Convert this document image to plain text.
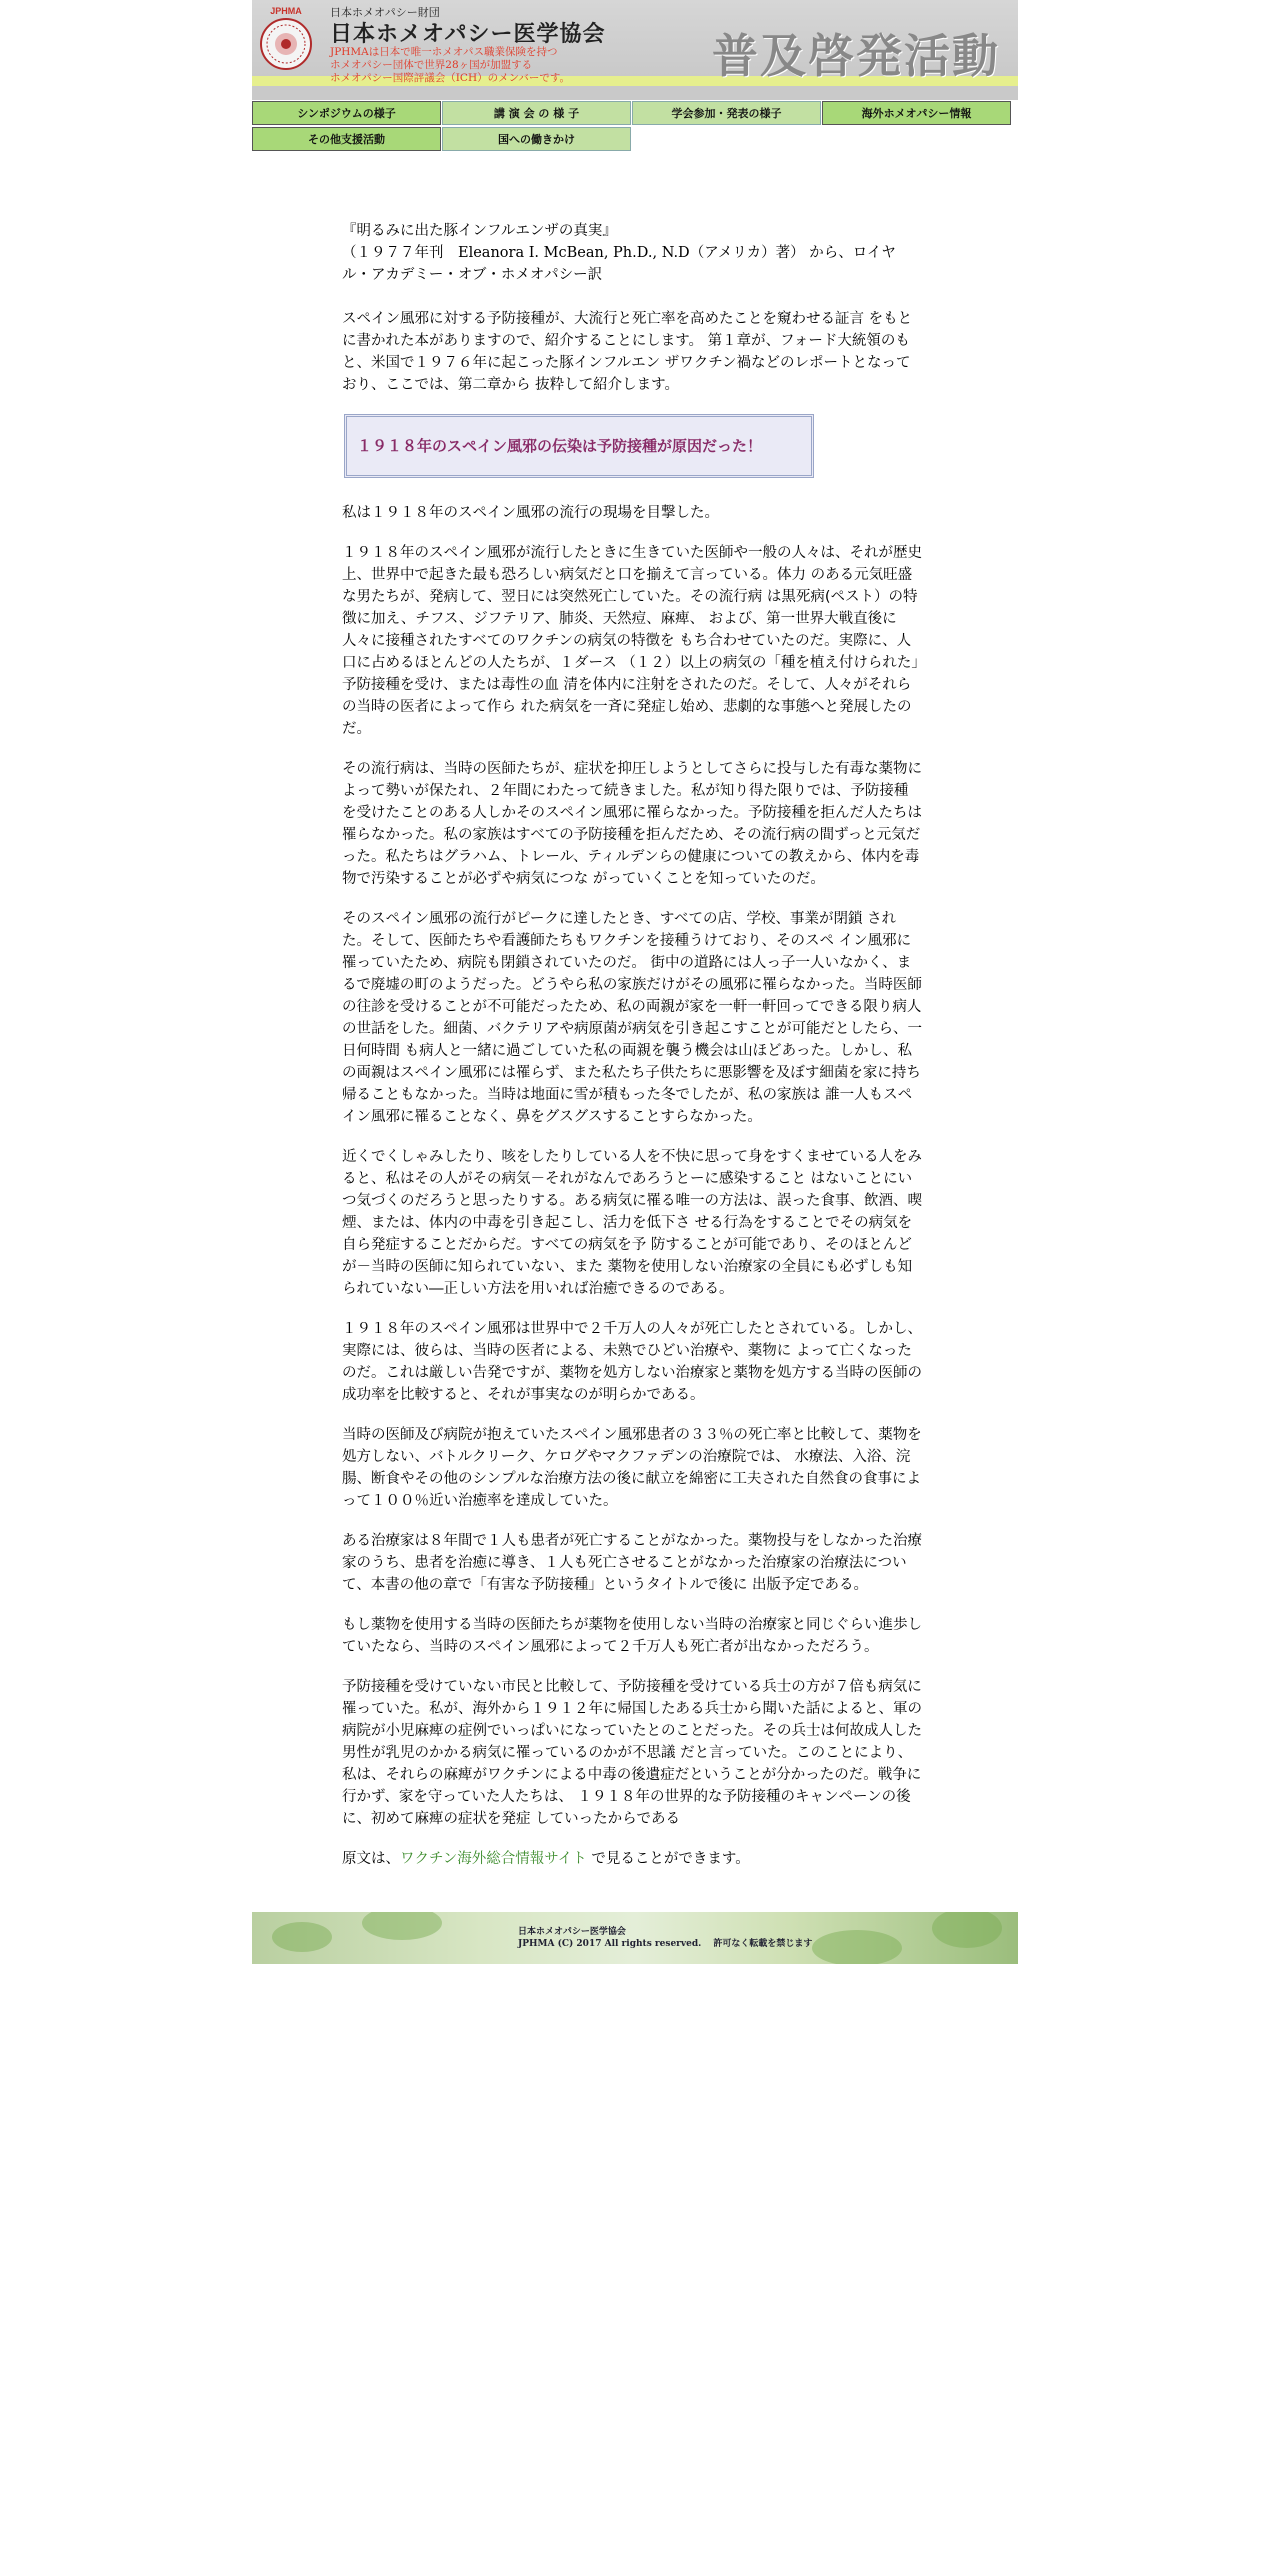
JPHMA	日本ホメオパシー財団
日本ホメオパシー医学協会
JPHMAは日本で唯一ホメオパス職業保険を持つ
ホメオパシー団体で世界28ヶ国が加盟する
ホメオパシー国際評議会（ICH）のメンバーです。	普及啓発活動
シンポジウムの様子	講 演 会 の 様 子	学会参加・発表の様子	海外ホメオパシー情報
その他支援活動	国への働きかけ
『明るみに出た豚インフルエンザの真実』
（１９７７年刊　Eleanora I. McBean, Ph.D., N.D（アメリカ）著） から、ロイヤル・アカデミー・オブ・ホメオパシー訳

スペイン風邪に対する予防接種が、大流行と死亡率を高めたことを窺わせる証言 をもとに書かれた本がありますので、紹介することにします。 第１章が、フォード大統領のもと、米国で１９７６年に起こった豚インフルエン ザワクチン禍などのレポートとなっており、ここでは、第二章から 抜粋して紹介します。

１９１８年のスペイン風邪の伝染は予防接種が原因だった！

私は１９１８年のスペイン風邪の流行の現場を目撃した。

１９１８年のスペイン風邪が流行したときに生きていた医師や一般の人々は、それが歴史上、世界中で起きた最も恐ろしい病気だと口を揃えて言っている。体力 のある元気旺盛な男たちが、発病して、翌日には突然死亡していた。その流行病 は黒死病(ペスト）の特徴に加え、チフス、ジフテリア、肺炎、天然痘、麻痺、 および、第一世界大戦直後に人々に接種されたすべてのワクチンの病気の特徴を もち合わせていたのだ。実際に、人口に占めるほとんどの人たちが、１ダース （１２）以上の病気の「種を植え付けられた」予防接種を受け、または毒性の血 清を体内に注射をされたのだ。そして、人々がそれらの当時の医者によって作ら れた病気を一斉に発症し始め、悲劇的な事態へと発展したのだ。

その流行病は、当時の医師たちが、症状を抑圧しようとしてさらに投与した有毒な薬物によって勢いが保たれ、２年間にわたって続きました。私が知り得た限りでは、予防接種を受けたことのある人しかそのスペイン風邪に罹らなかった。予防接種を拒んだ人たちは罹らなかった。私の家族はすべての予防接種を拒んだため、その流行病の間ずっと元気だった。私たちはグラハム、トレール、ティルデンらの健康についての教えから、体内を毒物で汚染することが必ずや病気につな がっていくことを知っていたのだ。

そのスペイン風邪の流行がピークに達したとき、すべての店、学校、事業が閉鎖 された。そして、医師たちや看護師たちもワクチンを接種うけており、そのスペ イン風邪に罹っていたため、病院も閉鎖されていたのだ。 街中の道路には人っ子一人いなかく、まるで廃墟の町のようだった。どうやら私の家族だけがその風邪に罹らなかった。当時医師の往診を受けることが不可能だったため、私の両親が家を一軒一軒回ってできる限り病人の世話をした。細菌、バクテリアや病原菌が病気を引き起こすことが可能だとしたら、一日何時間 も病人と一緒に過ごしていた私の両親を襲う機会は山ほどあった。しかし、私の両親はスペイン風邪には罹らず、また私たち子供たちに悪影響を及ぼす細菌を家に持ち帰ることもなかった。当時は地面に雪が積もった冬でしたが、私の家族は 誰一人もスペイン風邪に罹ることなく、鼻をグスグスすることすらなかった。

近くでくしゃみしたり、咳をしたりしている人を不快に思って身をすくませている人をみると、私はその人がその病気－それがなんであろうとーに感染すること はないことにいつ気づくのだろうと思ったりする。ある病気に罹る唯一の方法は、誤った食事、飲酒、喫煙、または、体内の中毒を引き起こし、活力を低下さ せる行為をすることでその病気を自ら発症することだからだ。すべての病気を予 防することが可能であり、そのほとんどが－当時の医師に知られていない、また 薬物を使用しない治療家の全員にも必ずしも知られていない―正しい方法を用いれば治癒できるのである。

１９１８年のスペイン風邪は世界中で２千万人の人々が死亡したとされている。しかし、実際には、彼らは、当時の医者による、未熟でひどい治療や、薬物に よって亡くなったのだ。これは厳しい告発ですが、薬物を処方しない治療家と薬物を処方する当時の医師の成功率を比較すると、それが事実なのが明らかである。

当時の医師及び病院が抱えていたスペイン風邪患者の３３％の死亡率と比較して、薬物を処方しない、バトルクリーク、ケログやマクファデンの治療院では、 水療法、入浴、浣腸、断食やその他のシンプルな治療方法の後に献立を綿密に工夫された自然食の食事によって１００％近い治癒率を達成していた。

ある治療家は８年間で１人も患者が死亡することがなかった。薬物投与をしなかった治療家のうち、患者を治癒に導き、１人も死亡させることがなかった治療家の治療法について、本書の他の章で「有害な予防接種」というタイトルで後に 出版予定である。

もし薬物を使用する当時の医師たちが薬物を使用しない当時の治療家と同じぐらい進歩していたなら、当時のスペイン風邪によって２千万人も死亡者が出なかっただろう。

予防接種を受けていない市民と比較して、予防接種を受けている兵士の方が７倍も病気に罹っていた。私が、海外から１９１２年に帰国したある兵士から聞いた話によると、軍の病院が小児麻痺の症例でいっぱいになっていたとのことだった。その兵士は何故成人した男性が乳児のかかる病気に罹っているのかが不思議 だと言っていた。このことにより、私は、それらの麻痺がワクチンによる中毒の後遺症だということが分かったのだ。戦争に行かず、家を守っていた人たちは、 １９１８年の世界的な予防接種のキャンペーンの後に、初めて麻痺の症状を発症 していったからである

原文は、ワクチン海外総合情報サイト で見ることができます。

日本ホメオパシー医学協会
JPHMA (C) 2017 All rights reserved.　 許可なく転載を禁じます
